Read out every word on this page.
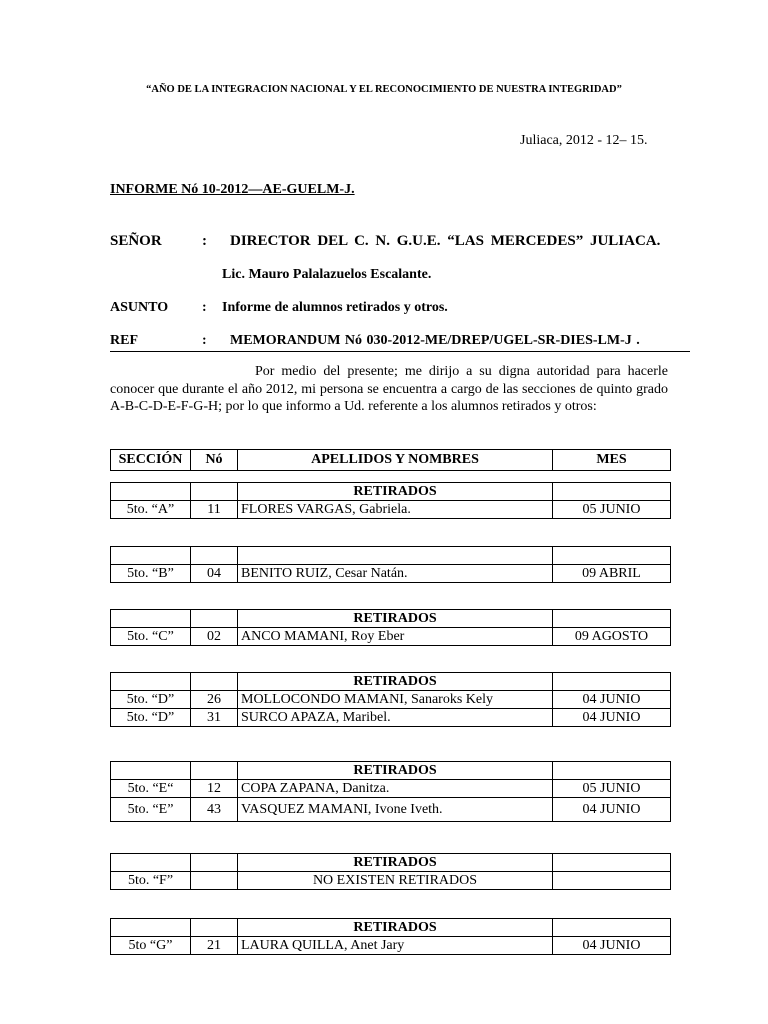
“AÑO DE LA INTEGRACION NACIONAL Y EL RECONOCIMIENTO DE NUESTRA INTEGRIDAD”
Juliaca, 2012 - 12– 15.
INFORME Nó 10-2012—AE-GUELM-J.
SEÑOR	: DIRECTOR DEL C. N. G.U.E. “LAS MERCEDES” JULIACA.
Lic. Mauro Palalazuelos Escalante.
ASUNTO : Informe de alumnos retirados y otros.
REF	: MEMORANDUM Nó 030-2012-ME/DREP/UGEL-SR-DIES-LM-J .
Por medio del presente; me dirijo a su digna autoridad para hacerle conocer que durante el año 2012, mi persona se encuentra a cargo de las secciones de quinto grado A-B-C-D-E-F-G-H; por lo que informo a Ud. referente a los alumnos retirados y otros:
SECCIÓN	Nó	APELLIDOS Y NOMBRES	MES
		RETIRADOS	
5to. “A”	11	FLORES VARGAS, Gabriela.	05 JUNIO

5to. “B”	04	BENITO RUIZ, Cesar Natán.	09 ABRIL
		RETIRADOS	
5to. “C”	02	ANCO MAMANI, Roy Eber	09 AGOSTO
		RETIRADOS	
5to. “D”	26	MOLLOCONDO MAMANI, Sanaroks Kely	04 JUNIO
5to. “D”	31	SURCO APAZA, Maribel.	04 JUNIO
		RETIRADOS	
5to. “E“	12	COPA ZAPANA, Danitza.	05 JUNIO
5to. “E”	43	VASQUEZ MAMANI, Ivone Iveth.	04 JUNIO
		RETIRADOS	
5to. “F”		NO EXISTEN RETIRADOS	
		RETIRADOS	
5to “G”	21	LAURA QUILLA, Anet Jary	04 JUNIO
